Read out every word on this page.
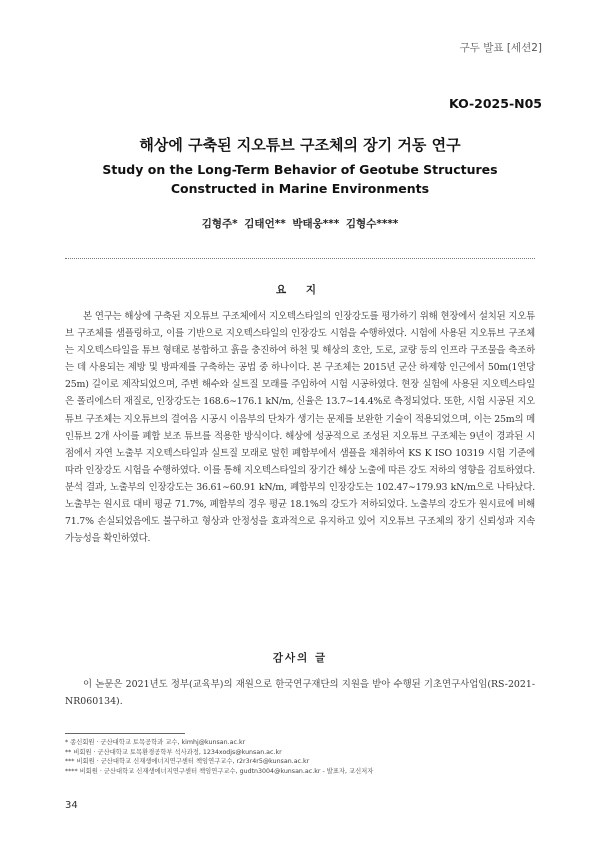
구두 발표 [세션2]
KO-2025-N05
해상에 구축된 지오튜브 구조체의 장기 거동 연구
Study on the Long-Term Behavior of Geotube Structures Constructed in Marine Environments
김형주* 김태언** 박태웅*** 김형수****
요 지

본 연구는 해상에 구축된 지오튜브 구조체에서 지오텍스타일의 인장강도를 평가하기 위해 현장에서 설치된 지오튜브 구조체를 샘플링하고, 이를 기반으로 지오텍스타일의 인장강도 시험을 수행하였다. 시험에 사용된 지오튜브 구조체는 지오텍스타일을 튜브 형태로 봉합하고 흙을 충진하여 하천 및 해상의 호안, 도로, 교량 등의 인프라 구조물을 축조하는 데 사용되는 제방 및 방파제를 구축하는 공법 중 하나이다. 본 구조체는 2015년 군산 하제항 인근에서 50m(1연당 25m) 길이로 제작되었으며, 주변 해수와 실트질 모래를 주입하여 시험 시공하였다. 현장 실험에 사용된 지오텍스타일은 폴리에스터 재질로, 인장강도는 168.6∼176.1 kN/m, 신율은 13.7∼14.4%로 측정되었다. 또한, 시험 시공된 지오튜브 구조체는 지오튜브의 결여음 시공시 이음부의 단차가 생기는 문제를 보완한 기술이 적용되었으며, 이는 25m의 메인튜브 2개 사이를 폐합 보조 튜브를 적용한 방식이다. 해상에 성공적으로 조성된 지오튜브 구조체는 9년이 경과된 시점에서 자연 노출부 지오텍스타일과 실트질 모래로 덮힌 폐합부에서 샘플을 채취하여 KS K ISO 10319 시험 기준에 따라 인장강도 시험을 수행하였다. 이를 통해 지오텍스타일의 장기간 해상 노출에 따른 강도 저하의 영향을 검토하였다. 분석 결과, 노출부의 인장강도는 36.61∼60.91 kN/m, 폐합부의 인장강도는 102.47∼179.93 kN/m으로 나타났다. 노출부는 원시료 대비 평균 71.7%, 폐합부의 경우 평균 18.1%의 강도가 저하되었다. 노출부의 강도가 원시료에 비해 71.7% 손실되었음에도 불구하고 형상과 안정성을 효과적으로 유지하고 있어 지오튜브 구조체의 장기 신뢰성과 지속 가능성을 확인하였다.

감사의 글

이 논문은 2021년도 정부(교육부)의 재원으로 한국연구재단의 지원을 받아 수행된 기초연구사업임(RS-2021-NR060134).

34
* 종신회원 · 군산대학교 토목공학과 교수, kimhj@kunsan.ac.kr
** 비회원 · 군산대학교 토목환경공학부 석사과정, 1234xodjs@kunsan.ac.kr
*** 비회원 · 군산대학교 신재생에너지연구센터 책임연구교수, r2r3r4r5@kunsan.ac.kr
**** 비회원 · 군산대학교 신재생에너지연구센터 책임연구교수, gudtn3004@kunsan.ac.kr - 발표자, 교신저자
